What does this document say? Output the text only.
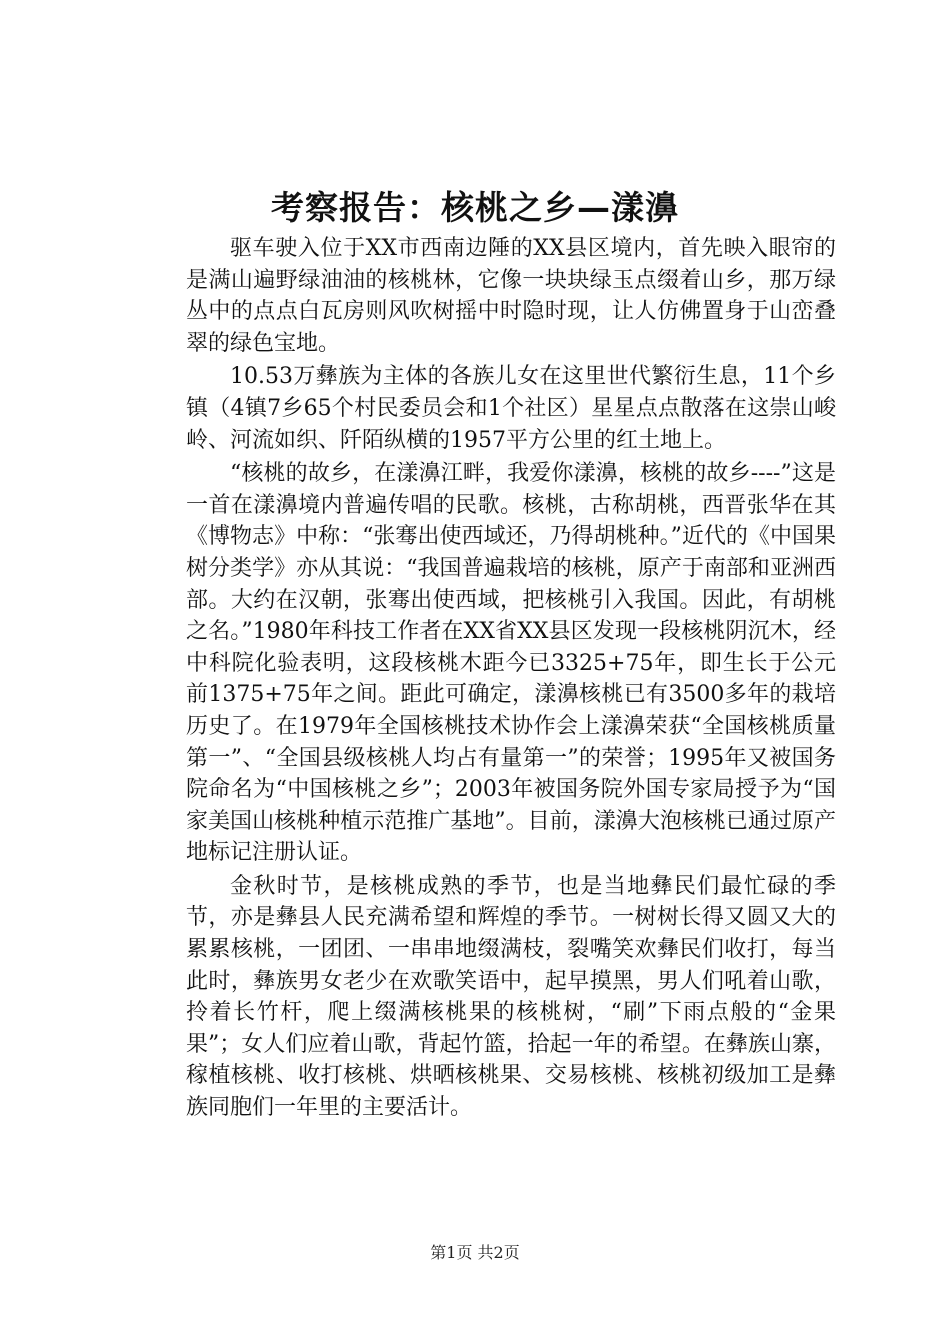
考察报告：核桃之乡—漾濞

驱车驶入位于XX市西南边陲的XX县区境内，首先映入眼帘的是满山遍野绿油油的核桃林，它像一块块绿玉点缀着山乡，那万绿丛中的点点白瓦房则风吹树摇中时隐时现，让人仿佛置身于山峦叠翠的绿色宝地。

10.53万彝族为主体的各族儿女在这里世代繁衍生息，11个乡镇（4镇7乡65个村民委员会和1个社区）星星点点散落在这崇山峻岭、河流如织、阡陌纵横的1957平方公里的红土地上。

“核桃的故乡，在漾濞江畔，我爱你漾濞，核桃的故乡----”这是一首在漾濞境内普遍传唱的民歌。核桃，古称胡桃，西晋张华在其《博物志》中称：“张骞出使西域还，乃得胡桃种。”近代的《中国果树分类学》亦从其说：“我国普遍栽培的核桃，原产于南部和亚洲西部。大约在汉朝，张骞出使西域，把核桃引入我国。因此，有胡桃之名。”1980年科技工作者在XX省XX县区发现一段核桃阴沉木，经中科院化验表明，这段核桃木距今已3325+75年，即生长于公元前1375+75年之间。距此可确定，漾濞核桃已有3500多年的栽培历史了。在1979年全国核桃技术协作会上漾濞荣获“全国核桃质量第一”、“全国县级核桃人均占有量第一”的荣誉；1995年又被国务院命名为“中国核桃之乡”；2003年被国务院外国专家局授予为“国家美国山核桃种植示范推广基地”。目前，漾濞大泡核桃已通过原产地标记注册认证。

金秋时节，是核桃成熟的季节，也是当地彝民们最忙碌的季节，亦是彝县人民充满希望和辉煌的季节。一树树长得又圆又大的累累核桃，一团团、一串串地缀满枝，裂嘴笑欢彝民们收打，每当此时，彝族男女老少在欢歌笑语中，起早摸黑，男人们吼着山歌，拎着长竹杆，爬上缀满核桃果的核桃树，“刷”下雨点般的“金果果”；女人们应着山歌，背起竹篮，拾起一年的希望。在彝族山寨，稼植核桃、收打核桃、烘晒核桃果、交易核桃、核桃初级加工是彝族同胞们一年里的主要活计。

第1页 共2页
